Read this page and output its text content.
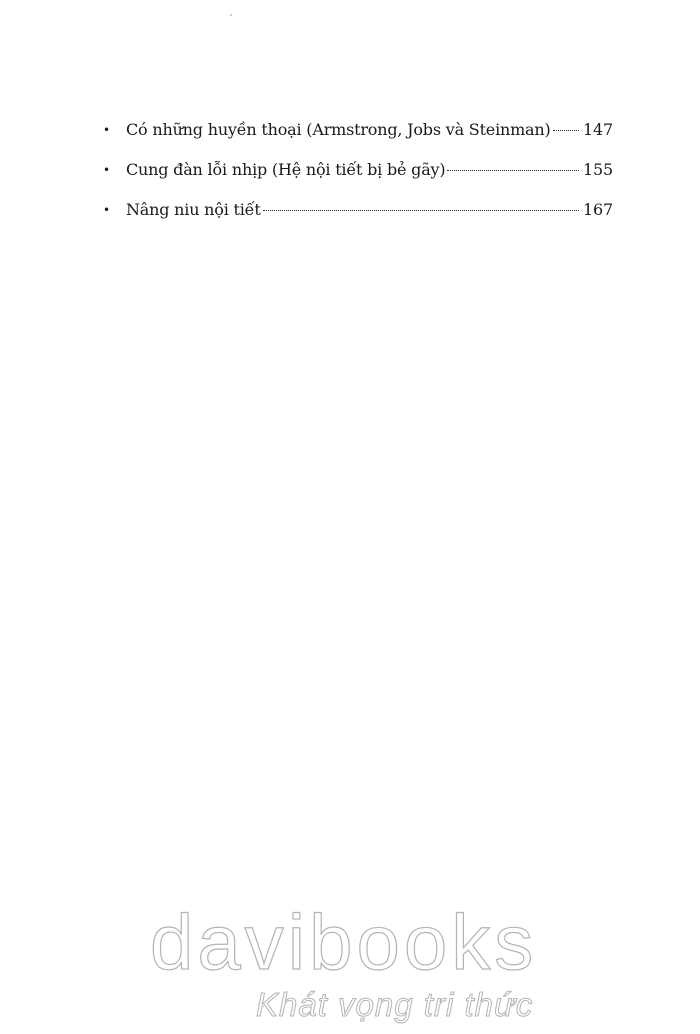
•	Có những huyền thoại (Armstrong, Jobs và Steinman) 147
•	Cung đàn lỗi nhịp (Hệ nội tiết bị bẻ gãy)	155
•	Nâng niu nội tiết	167
davibooks
Khát vọng tri thức
